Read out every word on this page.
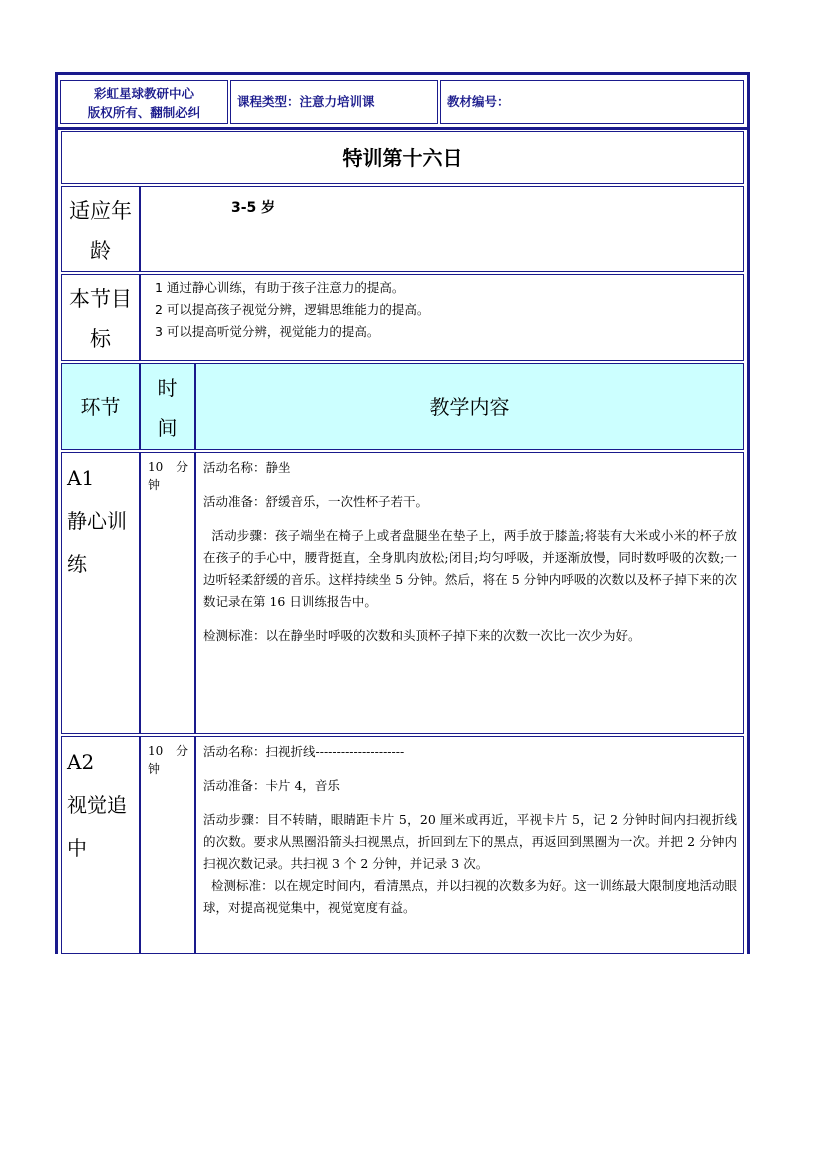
彩虹星球教研中心
版权所有、翻制必纠
课程类型：注意力培训课	教材编号：
特训第十六日
适应年
龄
3-5 岁
本节目
标
1 通过静心训练，有助于孩子注意力的提高。
2 可以提高孩子视觉分辨，逻辑思维能力的提高。
3 可以提高听觉分辨，视觉能力的提高。
环节
时
间
教学内容
A1
静心训
练
10 分钟

活动名称：静坐

活动准备：舒缓音乐，一次性杯子若干。

活动步骤：孩子端坐在椅子上或者盘腿坐在垫子上，两手放于膝盖;将装有大米或小米的杯子放在孩子的手心中，腰背挺直，全身肌肉放松;闭目;均匀呼吸，并逐渐放慢，同时数呼吸的次数;一边听轻柔舒缓的音乐。这样持续坐 5 分钟。然后，将在 5 分钟内呼吸的次数以及杯子掉下来的次数记录在第 16 日训练报告中。

检测标准：以在静坐时呼吸的次数和头顶杯子掉下来的次数一次比一次少为好。

A2
视觉追
中
10 分钟

活动名称：扫视折线---------------------

活动准备：卡片 4，音乐

活动步骤：目不转睛，眼睛距卡片 5，20 厘米或再近，平视卡片 5，记 2 分钟时间内扫视折线的次数。要求从黑圈沿箭头扫视黑点，折回到左下的黑点，再返回到黑圈为一次。并把 2 分钟内扫视次数记录。共扫视 3 个 2 分钟，并记录 3 次。

检测标准：以在规定时间内，看清黑点，并以扫视的次数多为好。这一训练最大限制度地活动眼球，对提高视觉集中，视觉宽度有益。
